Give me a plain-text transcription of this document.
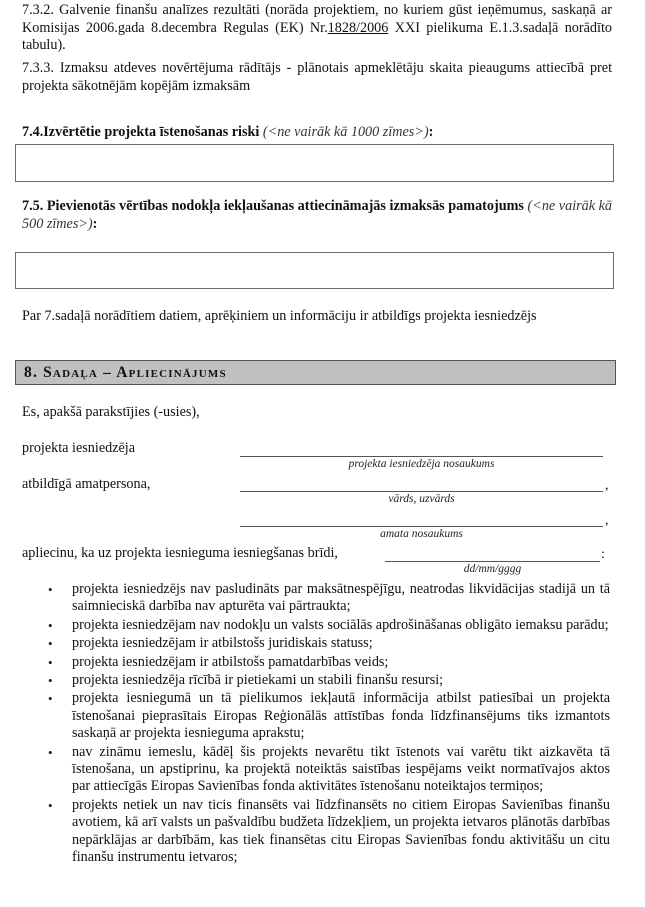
7.3.2. Galvenie finanšu analīzes rezultāti (norāda projektiem, no kuriem gūst ieņēmumus, saskaņā ar Komisijas 2006.gada 8.decembra Regulas (EK) Nr.1828/2006 XXI pielikuma E.1.3.sadaļā norādīto tabulu).
7.3.3. Izmaksu atdeves novērtējuma rādītājs - plānotais apmeklētāju skaita pieaugums attiecībā pret projekta sākotnējām kopējām izmaksām
7.4.Izvērtētie projekta īstenošanas riski (<ne vairāk kā 1000 zīmes>):
7.5. Pievienotās vērtības nodokļa iekļaušanas attiecināmajās izmaksās pamatojums (<ne vairāk kā 500 zīmes>):
Par 7.sadaļā norādītiem datiem, aprēķiniem un informāciju ir atbildīgs projekta iesniedzējs
8. Sadaļa – Apliecinājums
Es, apakšā parakstījies (-usies),
projekta iesniedzēja
projekta iesniedzēja nosaukums
atbildīgā amatpersona,	,
vārds, uzvārds
,
amata nosaukums
apliecinu, ka uz projekta iesnieguma iesniegšanas brīdi,	:
dd/mm/gggg
• projekta iesniedzējs nav pasludināts par maksātnespējīgu, neatrodas likvidācijas stadijā un tā saimnieciskā darbība nav apturēta vai pārtraukta;
• projekta iesniedzējam nav nodokļu un valsts sociālās apdrošināšanas obligāto iemaksu parādu;
• projekta iesniedzējam ir atbilstošs juridiskais statuss;
• projekta iesniedzējam ir atbilstošs pamatdarbības veids;
• projekta iesniedzēja rīcībā ir pietiekami un stabili finanšu resursi;
• projekta iesniegumā un tā pielikumos iekļautā informācija atbilst patiesībai un projekta īstenošanai pieprasītais Eiropas Reģionālās attīstības fonda līdzfinansējums tiks izmantots saskaņā ar projekta iesnieguma aprakstu;
• nav zināmu iemeslu, kādēļ šis projekts nevarētu tikt īstenots vai varētu tikt aizkavēta tā īstenošana, un apstiprinu, ka projektā noteiktās saistības iespējams veikt normatīvajos aktos par attiecīgās Eiropas Savienības fonda aktivitātes īstenošanu noteiktajos termiņos;
• projekts netiek un nav ticis finansēts vai līdzfinansēts no citiem Eiropas Savienības finanšu avotiem, kā arī valsts un pašvaldību budžeta līdzekļiem, un projekta ietvaros plānotās darbības nepārklājas ar darbībām, kas tiek finansētas citu Eiropas Savienības fondu aktivitāšu un citu finanšu instrumentu ietvaros;
